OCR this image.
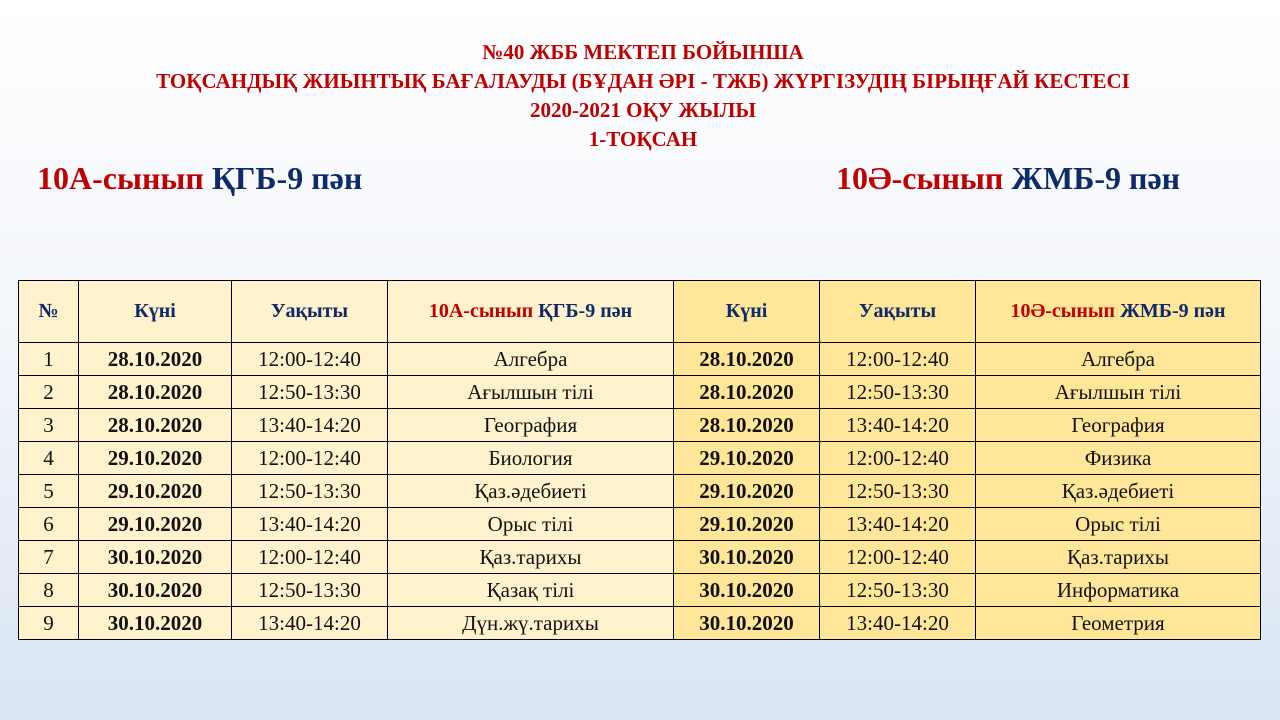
№40 ЖББ МЕКТЕП БОЙЫНША
ТОҚСАНДЫҚ ЖИЫНТЫҚ БАҒАЛАУДЫ (БҰДАН ӘРІ - ТЖБ) ЖҮРГІЗУДІҢ БІРЫҢҒАЙ КЕСТЕСІ
2020-2021 ОҚУ ЖЫЛЫ
1-ТОҚСАН
10А-сынып ҚГБ-9 пән	10Ә-сынып ЖМБ-9 пән
№	Күні	Уақыты	10А-сынып ҚГБ-9 пән	Күні	Уақыты	10Ә-сынып ЖМБ-9 пән
1	28.10.2020	12:00-12:40	Алгебра	28.10.2020	12:00-12:40	Алгебра
2	28.10.2020	12:50-13:30	Ағылшын тілі	28.10.2020	12:50-13:30	Ағылшын тілі
3	28.10.2020	13:40-14:20	География	28.10.2020	13:40-14:20	География
4	29.10.2020	12:00-12:40	Биология	29.10.2020	12:00-12:40	Физика
5	29.10.2020	12:50-13:30	Қаз.әдебиеті	29.10.2020	12:50-13:30	Қаз.әдебиеті
6	29.10.2020	13:40-14:20	Орыс тілі	29.10.2020	13:40-14:20	Орыс тілі
7	30.10.2020	12:00-12:40	Қаз.тарихы	30.10.2020	12:00-12:40	Қаз.тарихы
8	30.10.2020	12:50-13:30	Қазақ тілі	30.10.2020	12:50-13:30	Информатика
9	30.10.2020	13:40-14:20	Дүн.жү.тарихы	30.10.2020	13:40-14:20	Геометрия
